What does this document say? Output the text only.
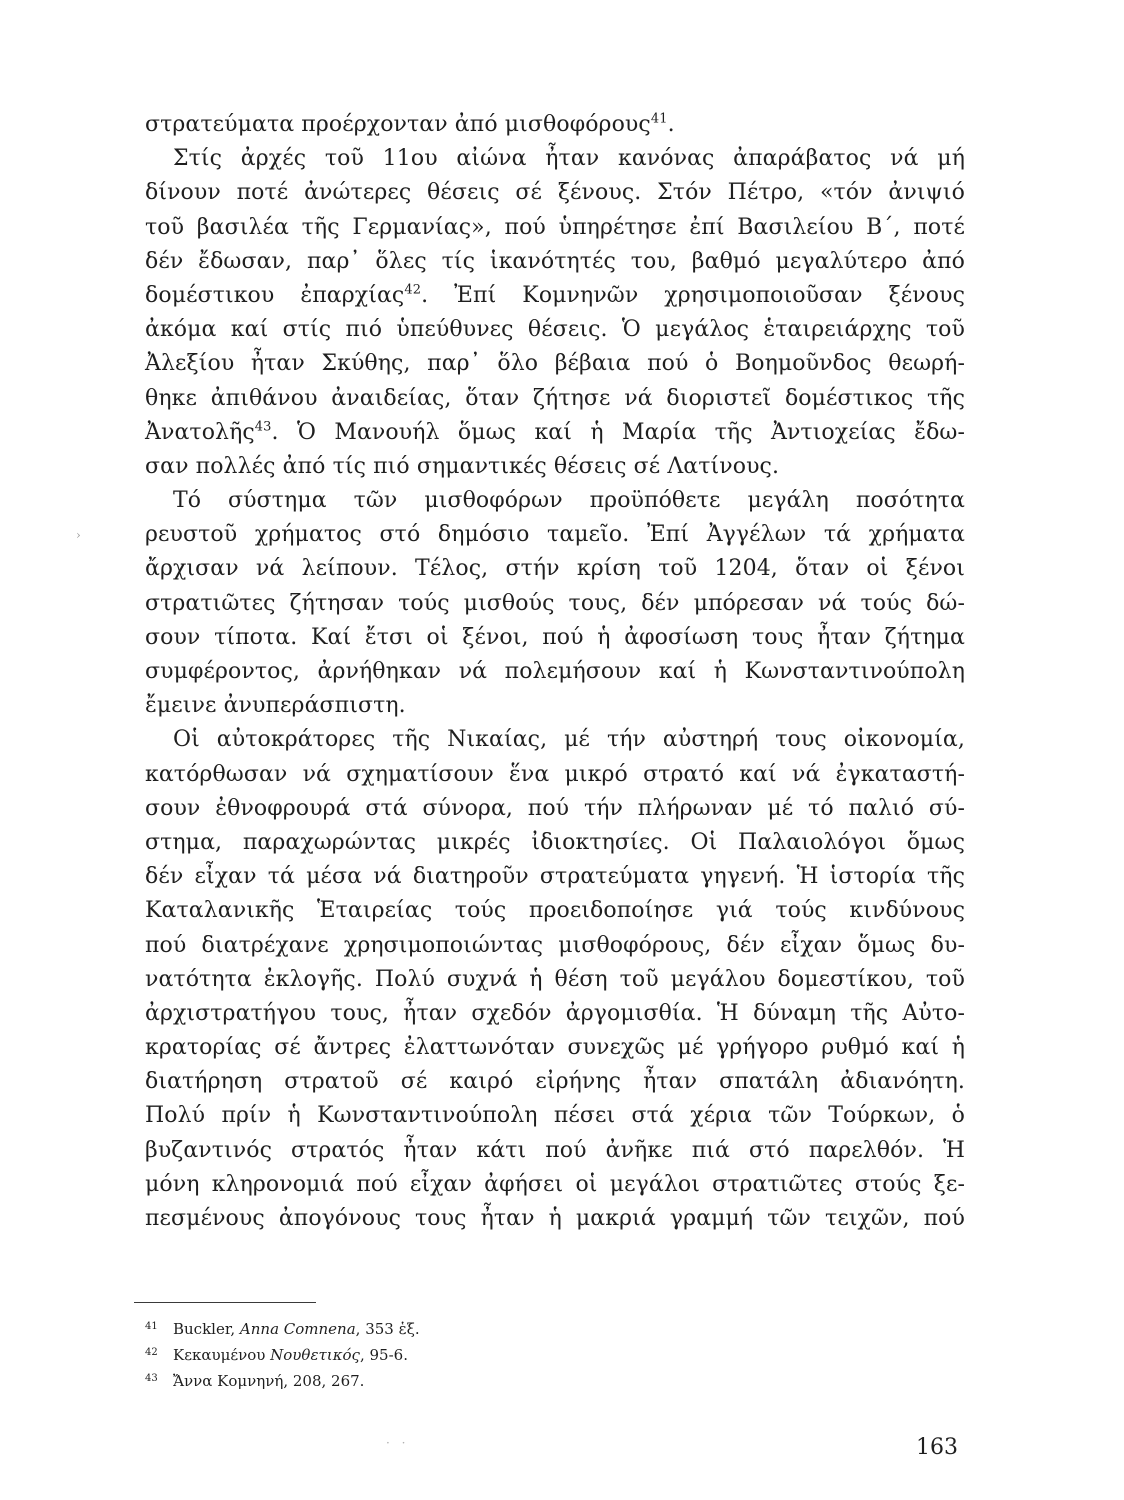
›
στρατεύματα προέρχονταν ἀπό μισθοφόρους$^{41}$.
Στίς ἀρχές τοῦ 11ου αἰώνα ἦταν κανόνας ἀπαράβατος νά μή
δίνουν ποτέ ἀνώτερες θέσεις σέ ξένους. Στόν Πέτρο, «τόν ἀνιψιό
τοῦ βασιλέα τῆς Γερμανίας», πού ὑπηρέτησε ἐπί Βασιλείου Β΄, ποτέ
δέν ἔδωσαν, παρ᾿ ὅλες τίς ἱκανότητές του, βαθμό μεγαλύτερο ἀπό
δομέστικου ἐπαρχίας$^{42}$. Ἐπί Κομνηνῶν χρησιμοποιοῦσαν ξένους
ἀκόμα καί στίς πιό ὑπεύθυνες θέσεις. Ὁ μεγάλος ἑταιρειάρχης τοῦ
Ἀλεξίου ἦταν Σκύθης, παρ᾿ ὅλο βέβαια πού ὁ Βοημοῦνδος θεωρή-
θηκε ἀπιθάνου ἀναιδείας, ὅταν ζήτησε νά διοριστεῖ δομέστικος τῆς
Ἀνατολῆς$^{43}$. Ὁ Μανουήλ ὅμως καί ἡ Μαρία τῆς Ἀντιοχείας ἔδω-
σαν πολλές ἀπό τίς πιό σημαντικές θέσεις σέ Λατίνους.
Τό σύστημα τῶν μισθοφόρων προϋπόθετε μεγάλη ποσότητα
ρευστοῦ χρήματος στό δημόσιο ταμεῖο. Ἐπί Ἀγγέλων τά χρήματα
ἄρχισαν νά λείπουν. Τέλος, στήν κρίση τοῦ 1204, ὅταν οἱ ξένοι
στρατιῶτες ζήτησαν τούς μισθούς τους, δέν μπόρεσαν νά τούς δώ-
σουν τίποτα. Καί ἔτσι οἱ ξένοι, πού ἡ ἀφοσίωση τους ἦταν ζήτημα
συμφέροντος, ἀρνήθηκαν νά πολεμήσουν καί ἡ Κωνσταντινούπολη
ἔμεινε ἀνυπεράσπιστη.
Οἱ αὐτοκράτορες τῆς Νικαίας, μέ τήν αὐστηρή τους οἰκονομία,
κατόρθωσαν νά σχηματίσουν ἕνα μικρό στρατό καί νά ἐγκαταστή-
σουν ἐθνοφρουρά στά σύνορα, πού τήν πλήρωναν μέ τό παλιό σύ-
στημα, παραχωρώντας μικρές ἰδιοκτησίες. Οἱ Παλαιολόγοι ὅμως
δέν εἶχαν τά μέσα νά διατηροῦν στρατεύματα γηγενή. Ἡ ἱστορία τῆς
Καταλανικῆς Ἑταιρείας τούς προειδοποίησε γιά τούς κινδύνους
πού διατρέχανε χρησιμοποιώντας μισθοφόρους, δέν εἶχαν ὅμως δυ-
νατότητα ἐκλογῆς. Πολύ συχνά ἡ θέση τοῦ μεγάλου δομεστίκου, τοῦ
ἀρχιστρατήγου τους, ἦταν σχεδόν ἀργομισθία. Ἡ δύναμη τῆς Αὐτο-
κρατορίας σέ ἄντρες ἐλαττωνόταν συνεχῶς μέ γρήγορο ρυθμό καί ἡ
διατήρηση στρατοῦ σέ καιρό εἰρήνης ἦταν σπατάλη ἀδιανόητη.
Πολύ πρίν ἡ Κωνσταντινούπολη πέσει στά χέρια τῶν Τούρκων, ὁ
βυζαντινός στρατός ἦταν κάτι πού ἀνῆκε πιά στό παρελθόν. Ἡ
μόνη κληρονομιά πού εἶχαν ἀφήσει οἱ μεγάλοι στρατιῶτες στούς ξε-
πεσμένους ἀπογόνους τους ἦταν ἡ μακριά γραμμή τῶν τειχῶν, πού
41 Buckler, Anna Comnena, 353 ἑξ.
42 Κεκαυμένου Νουθετικός, 95-6.
43 Ἄννα Κομνηνή, 208, 267.
· ·	163
